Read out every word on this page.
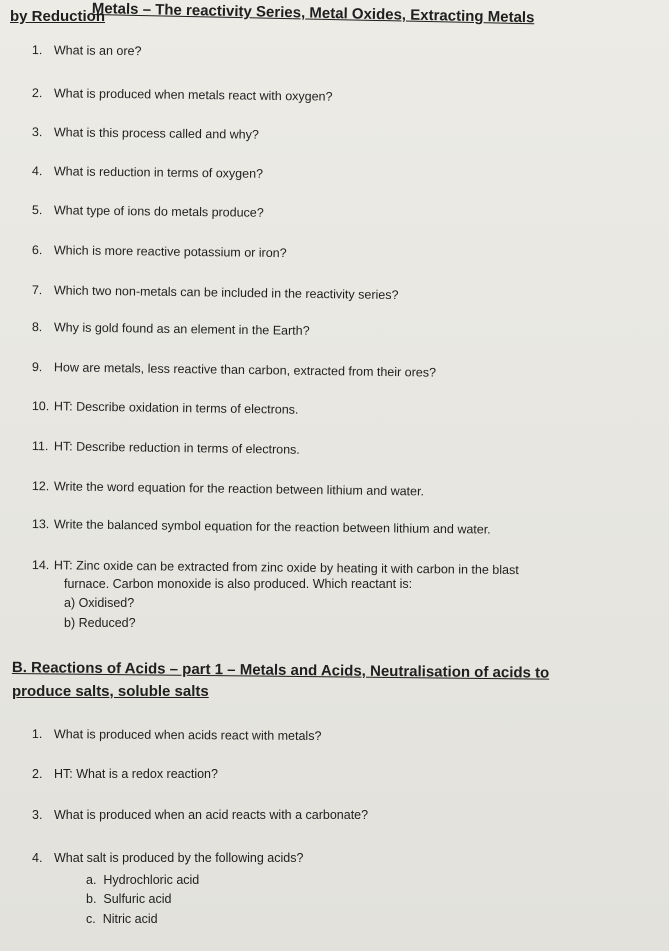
Metals – The reactivity Series, Metal Oxides, Extracting Metals
by Reduction
1. What is an ore?
2. What is produced when metals react with oxygen?
3. What is this process called and why?
4. What is reduction in terms of oxygen?
5. What type of ions do metals produce?
6. Which is more reactive potassium or iron?
7. Which two non-metals can be included in the reactivity series?
8. Why is gold found as an element in the Earth?
9. How are metals, less reactive than carbon, extracted from their ores?
10. HT: Describe oxidation in terms of electrons.
11. HT: Describe reduction in terms of electrons.
12. Write the word equation for the reaction between lithium and water.
13. Write the balanced symbol equation for the reaction between lithium and water.
14. HT: Zinc oxide can be extracted from zinc oxide by heating it with carbon in the blast
furnace. Carbon monoxide is also produced. Which reactant is:
a) Oxidised?
b) Reduced?
B. Reactions of Acids – part 1 – Metals and Acids, Neutralisation of acids to
produce salts, soluble salts
1. What is produced when acids react with metals?
2. HT: What is a redox reaction?
3. What is produced when an acid reacts with a carbonate?
4. What salt is produced by the following acids?
a. Hydrochloric acid
b. Sulfuric acid
c. Nitric acid
